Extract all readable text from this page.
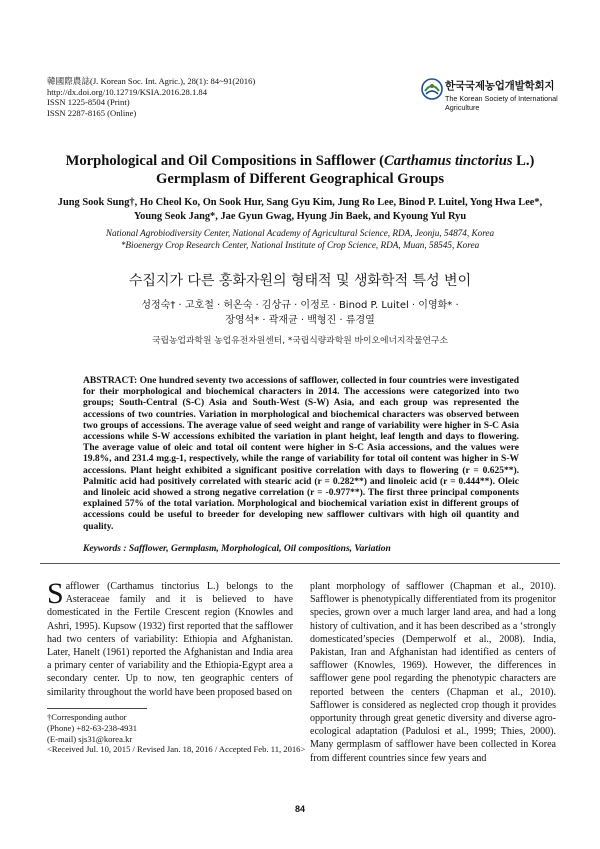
韓國際農誌(J. Korean Soc. Int. Agric.), 28(1): 84~91(2016)
http://dx.doi.org/10.12719/KSIA.2016.28.1.84
ISSN 1225-8504 (Print)
ISSN 2287-8165 (Online)
한국국제농업개발학회지
The Korean Society of International Agriculture
Morphological and Oil Compositions in Safflower (Carthamus tinctorius L.)
Germplasm of Different Geographical Groups
Jung Sook Sung†, Ho Cheol Ko, On Sook Hur, Sang Gyu Kim, Jung Ro Lee, Binod P. Luitel, Yong Hwa Lee*,
Young Seok Jang*, Jae Gyun Gwag, Hyung Jin Baek, and Kyoung Yul Ryu
National Agrobiodiversity Center, National Academy of Agricultural Science, RDA, Jeonju, 54874, Korea
*Bioenergy Crop Research Center, National Institute of Crop Science, RDA, Muan, 58545, Korea
수집지가 다른 홍화자원의 형태적 및 생화학적 특성 변이
성정숙† · 고호철 · 허온숙 · 김상규 · 이정로 · Binod P. Luitel · 이영화* ·
장영석* · 곽재균 · 백형진 · 류경열
국립농업과학원 농업유전자원센터, *국립식량과학원 바이오에너지작물연구소
ABSTRACT: One hundred seventy two accessions of safflower, collected in four countries were investigated for their morphological and biochemical characters in 2014. The accessions were categorized into two groups; South-Central (S-C) Asia and South-West (S-W) Asia, and each group was represented the accessions of two countries. Variation in morphological and biochemical characters was observed between two groups of accessions. The average value of seed weight and range of variability were higher in S-C Asia accessions while S-W accessions exhibited the variation in plant height, leaf length and days to flowering. The average value of oleic and total oil content were higher in S-C Asia accessions, and the values were 19.8%, and 231.4 mg.g-1, respectively, while the range of variability for total oil content was higher in S-W accessions. Plant height exhibited a significant positive correlation with days to flowering (r = 0.625**). Palmitic acid had positively correlated with stearic acid (r = 0.282**) and linoleic acid (r = 0.444**). Oleic and linoleic acid showed a strong negative correlation (r = -0.977**). The first three principal components explained 57% of the total variation. Morphological and biochemical variation exist in different groups of accessions could be useful to breeder for developing new safflower cultivars with high oil quantity and quality.
Keywords : Safflower, Germplasm, Morphological, Oil compositions, Variation
Safflower (Carthamus tinctorius L.) belongs to the Asteraceae family and it is believed to have domesticated in the Fertile Crescent region (Knowles and Ashri, 1995). Kupsow (1932) first reported that the safflower had two centers of variability: Ethiopia and Afghanistan. Later, Hanelt (1961) reported the Afghanistan and India area a primary center of variability and the Ethiopia-Egypt area a secondary center. Up to now, ten geographic centers of similarity throughout the world have been proposed based on
plant morphology of safflower (Chapman et al., 2010). Safflower is phenotypically differentiated from its progenitor species, grown over a much larger land area, and had a long history of cultivation, and it has been described as a ‘strongly domesticated’species (Demperwolf et al., 2008). India, Pakistan, Iran and Afghanistan had identified as centers of safflower (Knowles, 1969). However, the differences in safflower gene pool regarding the phenotypic characters are reported between the centers (Chapman et al., 2010). Safflower is considered as neglected crop though it provides opportunity through great genetic diversity and diverse agro-ecological adaptation (Padulosi et al., 1999; Thies, 2000). Many germplasm of safflower have been collected in Korea from different countries since few years and
†Corresponding author
(Phone) +82-63-238-4931
(E-mail) sjs31@korea.kr
<Received Jul. 10, 2015 / Revised Jan. 18, 2016 / Accepted Feb. 11, 2016>
84
